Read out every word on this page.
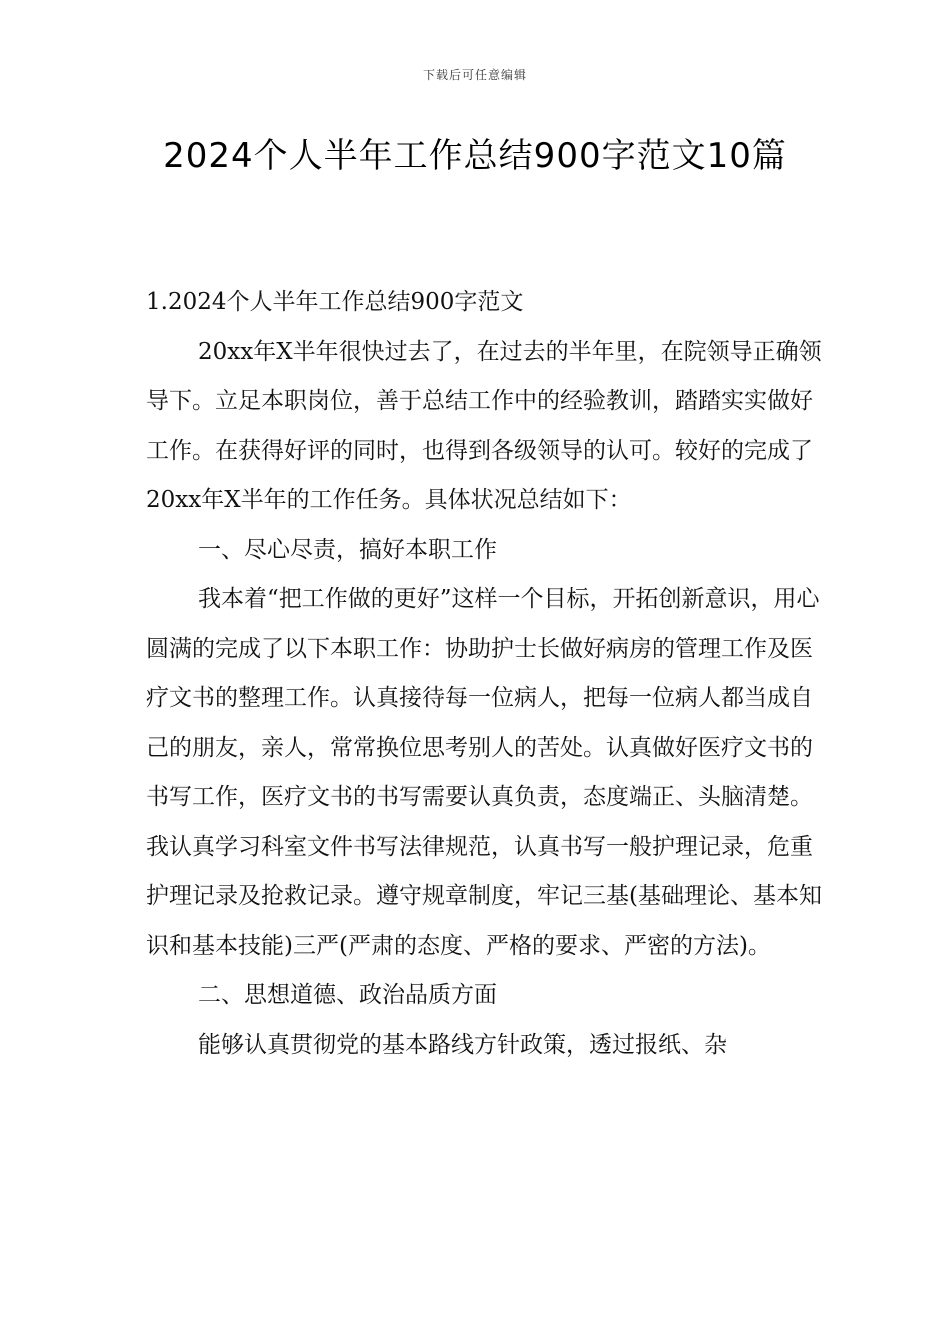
下载后可任意编辑
2024个人半年工作总结900字范文10篇

1.2024个人半年工作总结900字范文

20xx年X半年很快过去了，在过去的半年里，在院领导正确领导下。立足本职岗位，善于总结工作中的经验教训，踏踏实实做好工作。在获得好评的同时，也得到各级领导的认可。较好的完成了20xx年X半年的工作任务。具体状况总结如下：

一、尽心尽责，搞好本职工作

我本着“把工作做的更好”这样一个目标，开拓创新意识，用心圆满的完成了以下本职工作：协助护士长做好病房的管理工作及医疗文书的整理工作。认真接待每一位病人，把每一位病人都当成自己的朋友，亲人，常常换位思考别人的苦处。认真做好医疗文书的书写工作，医疗文书的书写需要认真负责，态度端正、头脑清楚。我认真学习科室文件书写法律规范，认真书写一般护理记录，危重护理记录及抢救记录。遵守规章制度，牢记三基(基础理论、基本知识和基本技能)三严(严肃的态度、严格的要求、严密的方法)。

二、思想道德、政治品质方面

能够认真贯彻党的基本路线方针政策，透过报纸、杂
